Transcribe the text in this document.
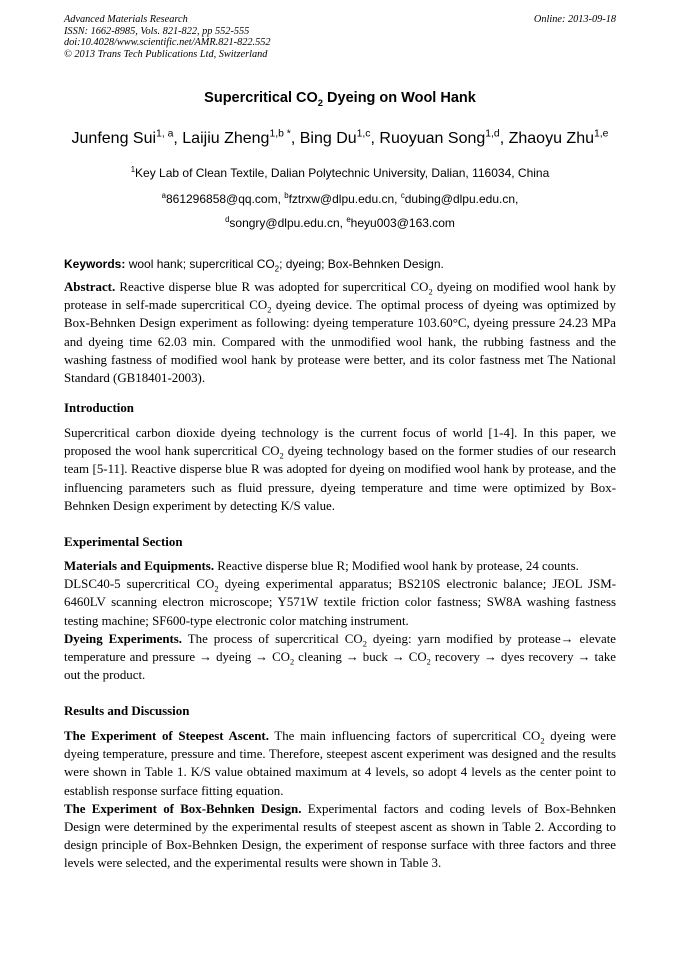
Advanced Materials Research
ISSN: 1662-8985, Vols. 821-822, pp 552-555
doi:10.4028/www.scientific.net/AMR.821-822.552
© 2013 Trans Tech Publications Ltd, Switzerland
Online: 2013-09-18
Supercritical $CO_2$ Dyeing on Wool Hank
Junfeng Sui$^{1, a}$, Laijiu Zheng$^{1,b *}$, Bing Du$^{1,c}$, Ruoyuan Song$^{1,d}$, Zhaoyu Zhu$^{1,e}$
$^1$Key Lab of Clean Textile, Dalian Polytechnic University, Dalian, 116034, China
$^a$861296858@qq.com, $^b$fztrxw@dlpu.edu.cn, $^c$dubing@dlpu.edu.cn,
$^d$songry@dlpu.edu.cn, $^e$heyu003@163.com
Keywords: wool hank; supercritical $CO_2$; dyeing; Box-Behnken Design.
Abstract. Reactive disperse blue R was adopted for supercritical $CO_2$ dyeing on modified wool hank by protease in self-made supercritical $CO_2$ dyeing device. The optimal process of dyeing was optimized by Box-Behnken Design experiment as following: dyeing temperature 103.60°C, dyeing pressure 24.23 MPa and dyeing time 62.03 min. Compared with the unmodified wool hank, the rubbing fastness and the washing fastness of modified wool hank by protease were better, and its color fastness met The National Standard (GB18401-2003).
Introduction
Supercritical carbon dioxide dyeing technology is the current focus of world [1-4]. In this paper, we proposed the wool hank supercritical $CO_2$ dyeing technology based on the former studies of our research team [5-11]. Reactive disperse blue R was adopted for dyeing on modified wool hank by protease, and the influencing parameters such as fluid pressure, dyeing temperature and time were optimized by Box-Behnken Design experiment by detecting K/S value.
Experimental Section
Materials and Equipments. Reactive disperse blue R; Modified wool hank by protease, 24 counts.
DLSC40-5 supercritical $CO_2$ dyeing experimental apparatus; BS210S electronic balance; JEOL JSM-6460LV scanning electron microscope; Y571W textile friction color fastness; SW8A washing fastness testing machine; SF600-type electronic color matching instrument.
Dyeing Experiments. The process of supercritical $CO_2$ dyeing: yarn modified by protease→ elevate temperature and pressure → dyeing → $CO_2$ cleaning → buck → $CO_2$ recovery → dyes recovery → take out the product.
Results and Discussion
The Experiment of Steepest Ascent. The main influencing factors of supercritical $CO_2$ dyeing were dyeing temperature, pressure and time. Therefore, steepest ascent experiment was designed and the results were shown in Table 1. K/S value obtained maximum at 4 levels, so adopt 4 levels as the center point to establish response surface fitting equation.
The Experiment of Box-Behnken Design. Experimental factors and coding levels of Box-Behnken Design were determined by the experimental results of steepest ascent as shown in Table 2. According to design principle of Box-Behnken Design, the experiment of response surface with three factors and three levels were selected, and the experimental results were shown in Table 3.
